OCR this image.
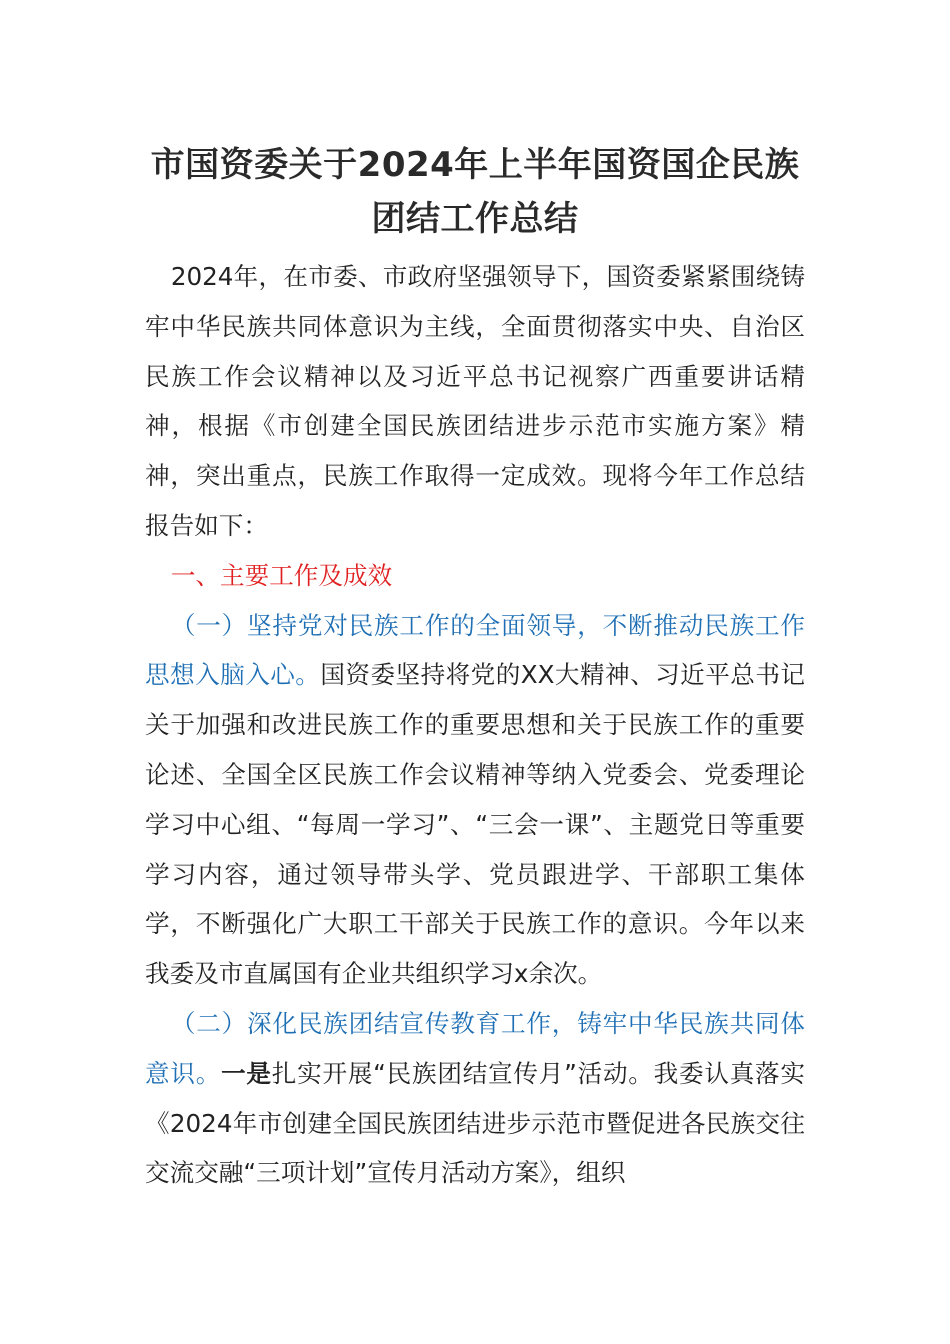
市国资委关于2024年上半年国资国企民族团结工作总结

2024年，在市委、市政府坚强领导下，国资委紧紧围绕铸牢中华民族共同体意识为主线，全面贯彻落实中央、自治区民族工作会议精神以及习近平总书记视察广西重要讲话精神，根据《市创建全国民族团结进步示范市实施方案》精神，突出重点，民族工作取得一定成效。现将今年工作总结报告如下：

一、主要工作及成效

（一）坚持党对民族工作的全面领导，不断推动民族工作思想入脑入心。国资委坚持将党的XX大精神、习近平总书记关于加强和改进民族工作的重要思想和关于民族工作的重要论述、全国全区民族工作会议精神等纳入党委会、党委理论学习中心组、“每周一学习”、“三会一课”、主题党日等重要学习内容，通过领导带头学、党员跟进学、干部职工集体学，不断强化广大职工干部关于民族工作的意识。今年以来我委及市直属国有企业共组织学习x余次。

（二）深化民族团结宣传教育工作，铸牢中华民族共同体意识。一是扎实开展“民族团结宣传月”活动。我委认真落实《2024年市创建全国民族团结进步示范市暨促进各民族交往交流交融“三项计划”宣传月活动方案》，组织
